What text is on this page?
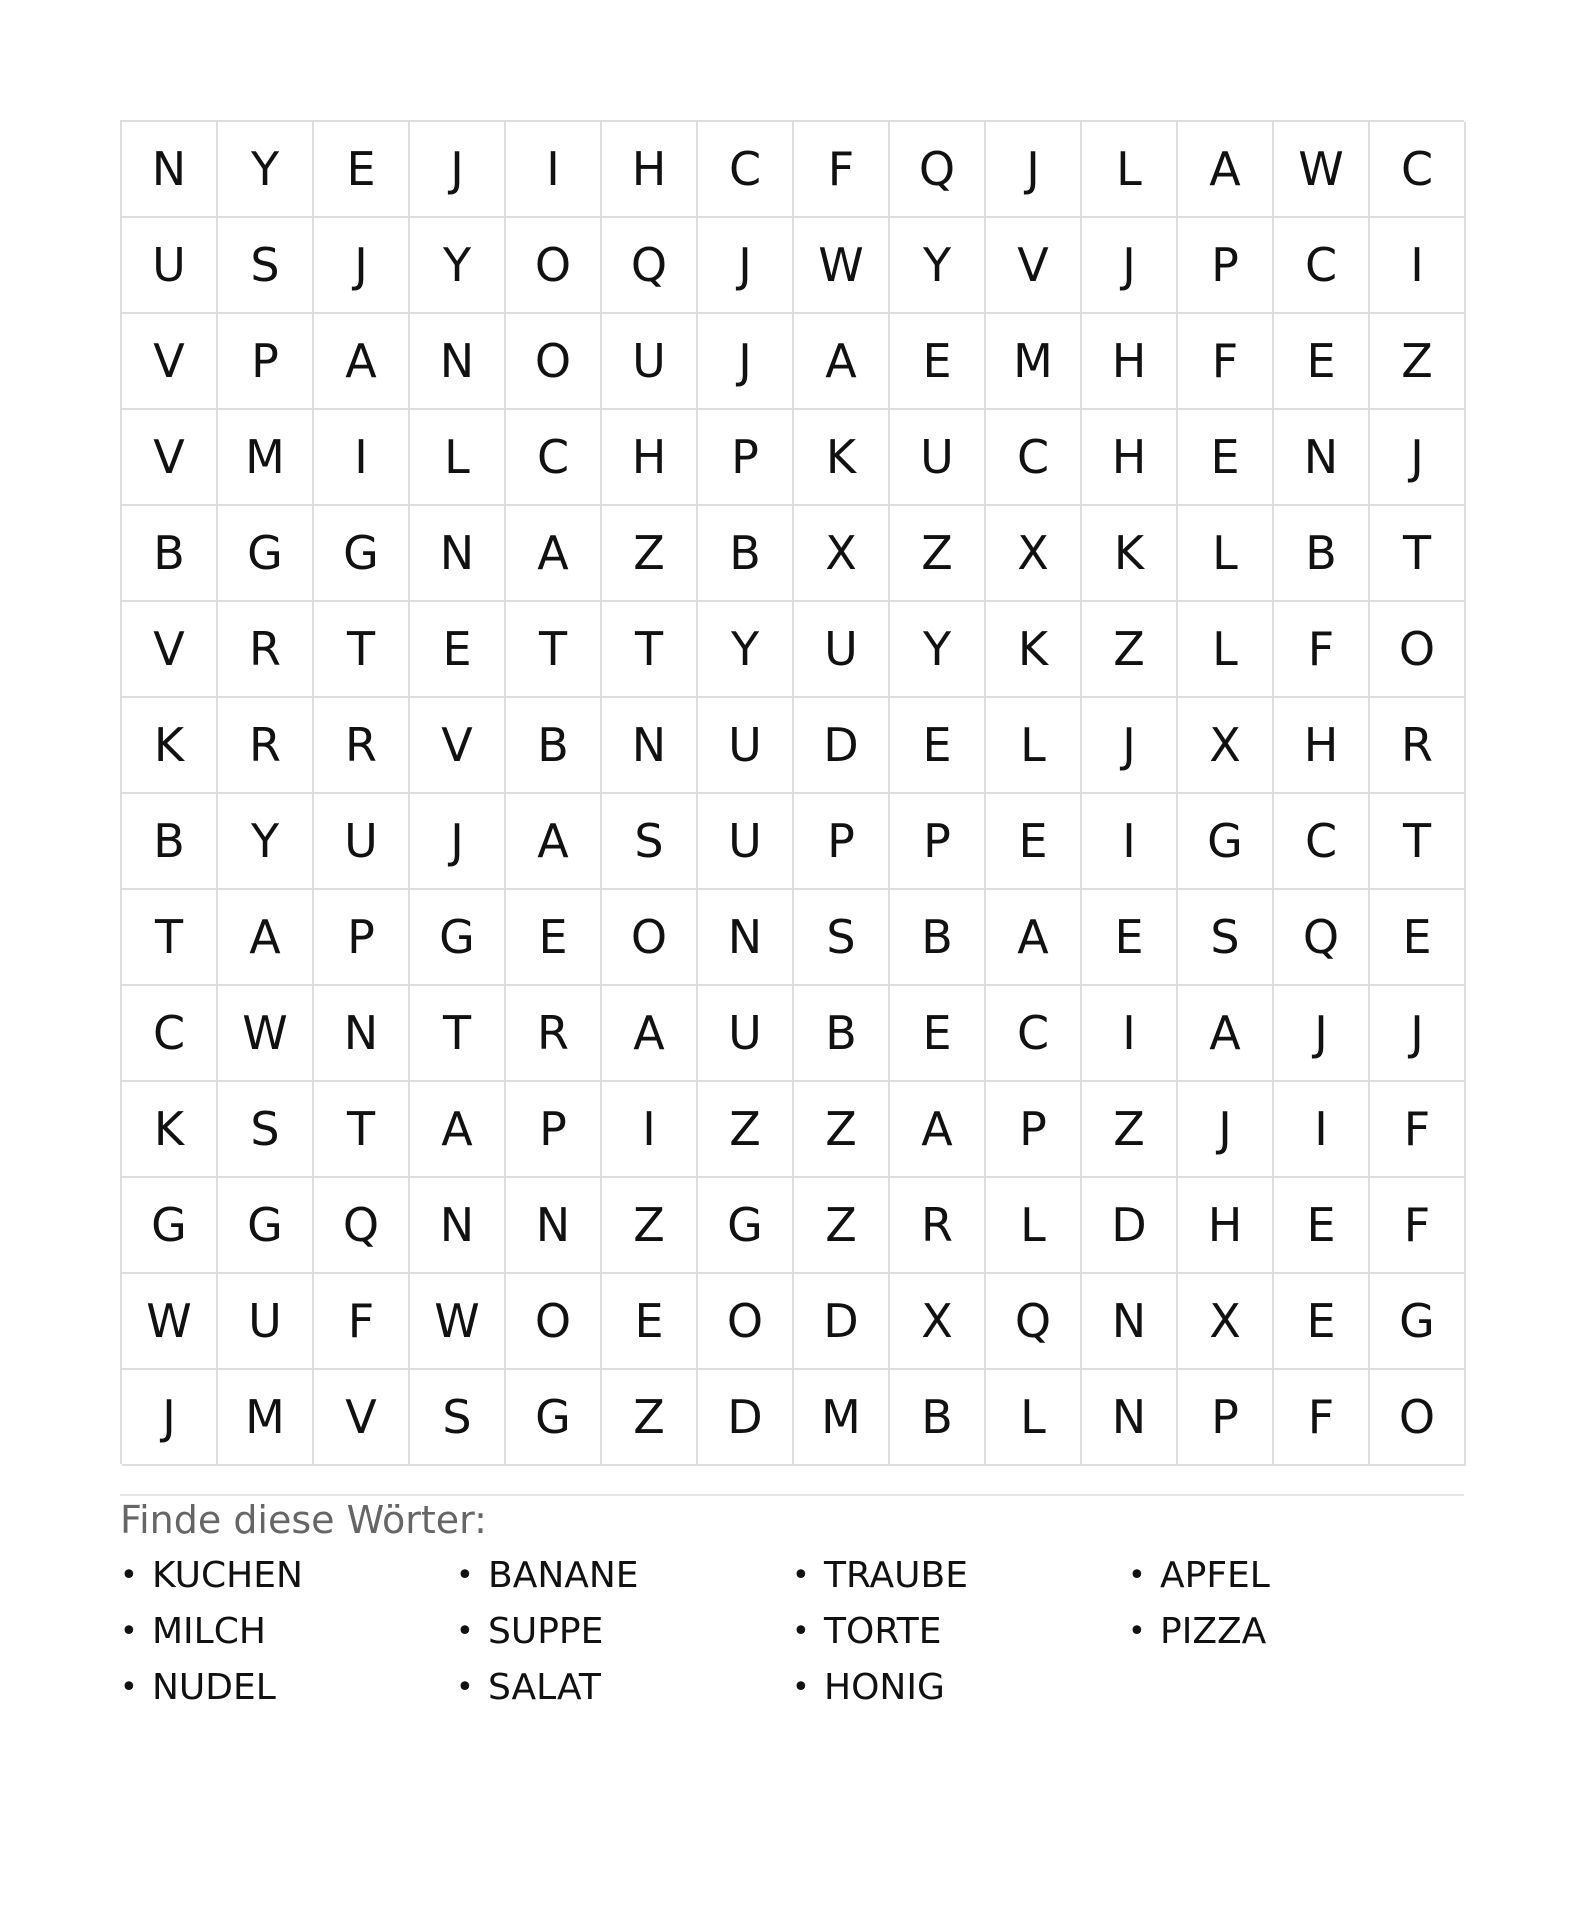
N	Y	E	J	I	H	C	F	Q	J	L	A	W	C
U	S	J	Y	O	Q	J	W	Y	V	J	P	C	I
V	P	A	N	O	U	J	A	E	M	H	F	E	Z
V	M	I	L	C	H	P	K	U	C	H	E	N	J
B	G	G	N	A	Z	B	X	Z	X	K	L	B	T
V	R	T	E	T	T	Y	U	Y	K	Z	L	F	O
K	R	R	V	B	N	U	D	E	L	J	X	H	R
B	Y	U	J	A	S	U	P	P	E	I	G	C	T
T	A	P	G	E	O	N	S	B	A	E	S	Q	E
C	W	N	T	R	A	U	B	E	C	I	A	J	J
K	S	T	A	P	I	Z	Z	A	P	Z	J	I	F
G	G	Q	N	N	Z	G	Z	R	L	D	H	E	F
W	U	F	W	O	E	O	D	X	Q	N	X	E	G
J	M	V	S	G	Z	D	M	B	L	N	P	F	O
Finde diese Wörter:
• KUCHEN	• BANANE	• TRAUBE	• APFEL
• MILCH	• SUPPE	• TORTE	• PIZZA
• NUDEL	• SALAT	• HONIG
